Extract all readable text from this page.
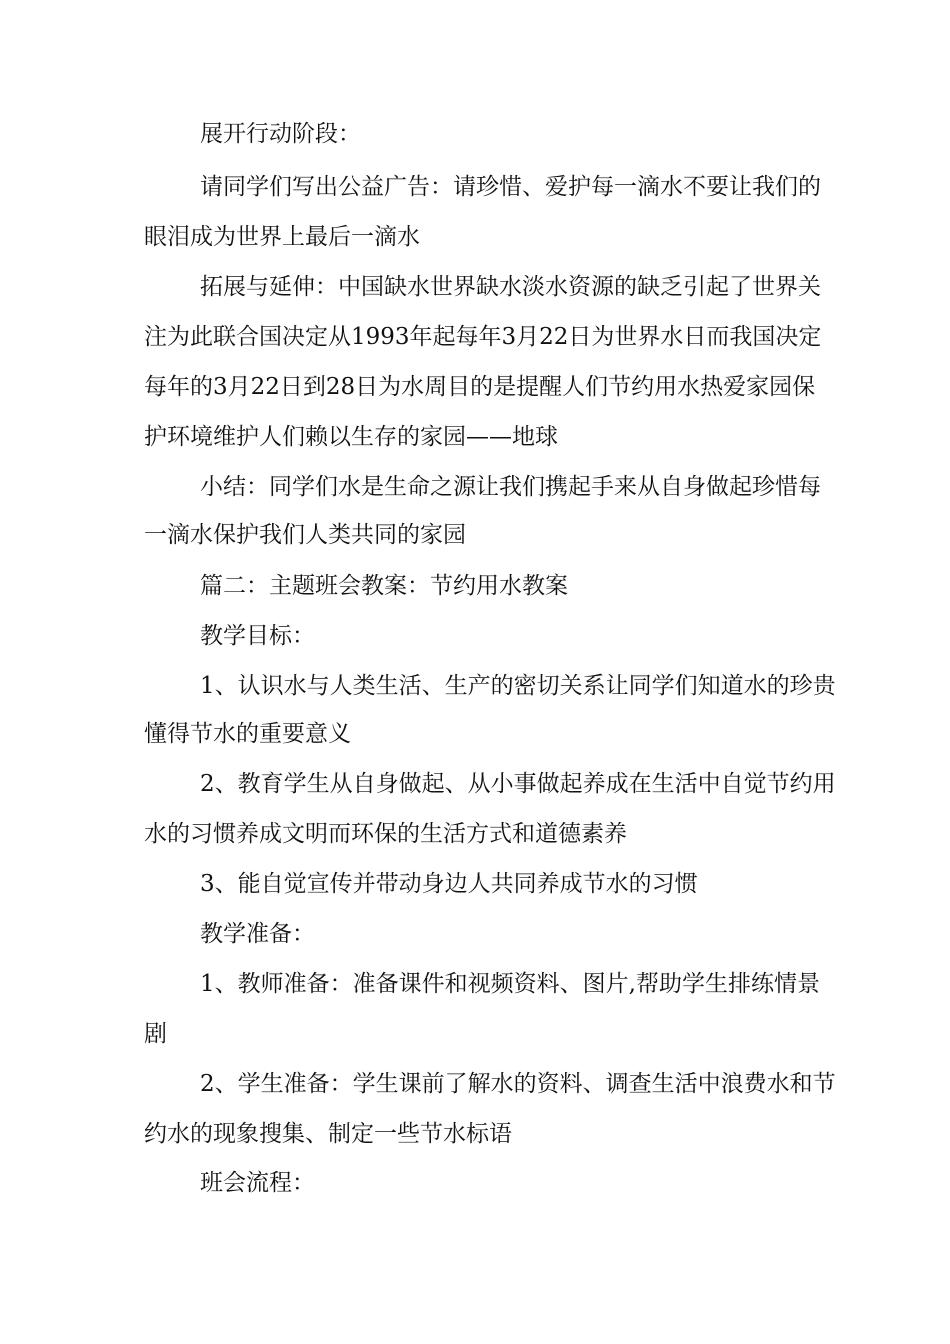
展开行动阶段：
请同学们写出公益广告：请珍惜、爱护每一滴水不要让我们的
眼泪成为世界上最后一滴水
拓展与延伸：中国缺水世界缺水淡水资源的缺乏引起了世界关
注为此联合国决定从1993年起每年3月22日为世界水日而我国决定
每年的3月22日到28日为水周目的是提醒人们节约用水热爱家园保
护环境维护人们赖以生存的家园——地球
小结：同学们水是生命之源让我们携起手来从自身做起珍惜每
一滴水保护我们人类共同的家园
篇二：主题班会教案：节约用水教案
教学目标：
1、认识水与人类生活、生产的密切关系让同学们知道水的珍贵
懂得节水的重要意义
2、教育学生从自身做起、从小事做起养成在生活中自觉节约用
水的习惯养成文明而环保的生活方式和道德素养
3、能自觉宣传并带动身边人共同养成节水的习惯
教学准备：
1、教师准备：准备课件和视频资料、图片,帮助学生排练情景
剧
2、学生准备：学生课前了解水的资料、调查生活中浪费水和节
约水的现象搜集、制定一些节水标语
班会流程：
